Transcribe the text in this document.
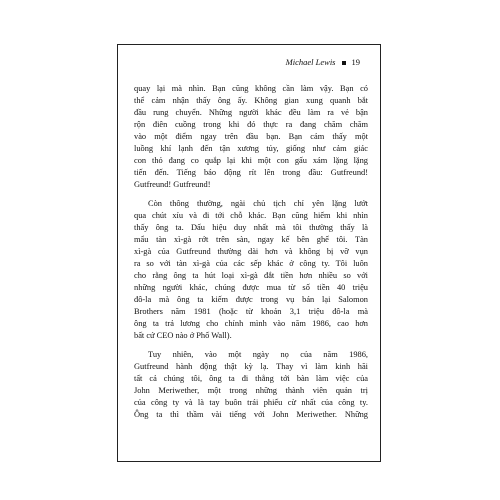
Michael Lewis 19
quay lại mà nhìn. Bạn cũng không cần làm vậy. Bạn có
thể cảm nhận thấy ông ấy. Không gian xung quanh bắt
đầu rung chuyển. Những người khác đều làm ra vẻ bận
rộn điên cuồng trong khi đó thực ra đang chăm chăm
vào một điểm ngay trên đầu bạn. Bạn cảm thấy một
luồng khí lạnh đến tận xương tủy, giống như cảm giác
con thỏ đang co quắp lại khi một con gấu xám lặng lặng
tiến đến. Tiếng báo động rít lên trong đầu: Gutfreund!
Gutfreund! Gutfreund!
Còn thông thường, ngài chủ tịch chỉ yên lặng lướt
qua chút xíu và đi tới chỗ khác. Bạn cũng hiếm khi nhìn
thấy ông ta. Dấu hiệu duy nhất mà tôi thường thấy là
mẩu tàn xì-gà rớt trên sàn, ngay kế bên ghế tôi. Tàn
xì-gà của Gutfreund thường dài hơn và không bị vỡ vụn
ra so với tàn xì-gà của các sếp khác ở công ty. Tôi luôn
cho rằng ông ta hút loại xì-gà đắt tiền hơn nhiều so với
những người khác, chúng được mua từ số tiền 40 triệu
đô-la mà ông ta kiếm được trong vụ bán lại Salomon
Brothers năm 1981 (hoặc từ khoản 3,1 triệu đô-la mà
ông ta trả lương cho chính mình vào năm 1986, cao hơn
bất cứ CEO nào ở Phố Wall).
Tuy nhiên, vào một ngày nọ của năm 1986,
Gutfreund hành động thật kỳ lạ. Thay vì làm kinh hãi
tất cả chúng tôi, ông ta đi thẳng tới bàn làm việc của
John Meriwether, một trong những thành viên quản trị
của công ty và là tay buôn trái phiếu cừ nhất của công ty.
Ông ta thì thầm vài tiếng với John Meriwether. Những
